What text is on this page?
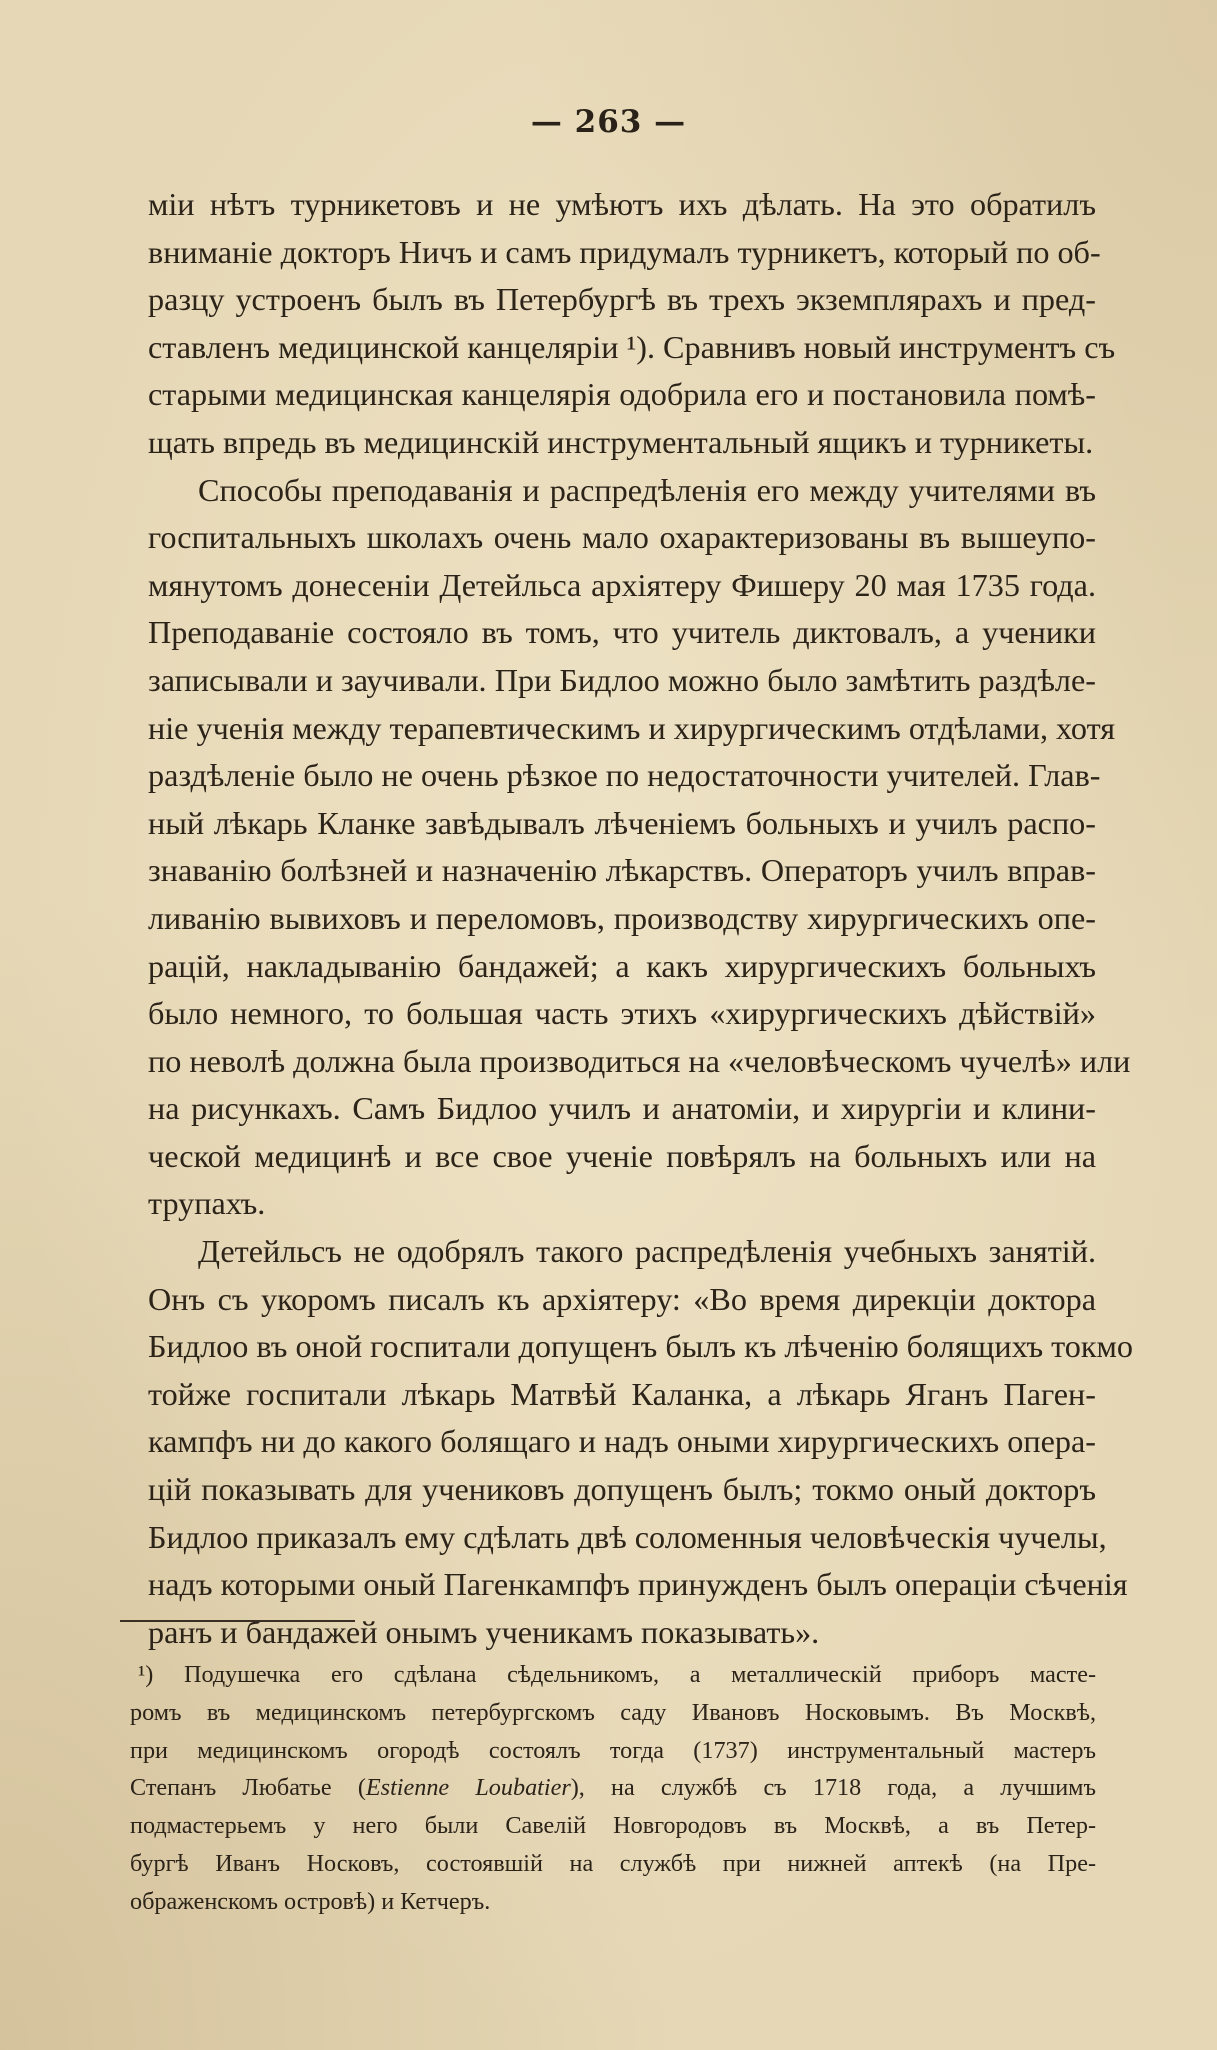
— 263 —
міи нѣтъ турникетовъ и не умѣютъ ихъ дѣлать. На это обратилъ
вниманіе докторъ Ничъ и самъ придумалъ турникетъ, который по об-
разцу устроенъ былъ въ Петербургѣ въ трехъ экземплярахъ и пред-
ставленъ медицинской канцеляріи ¹). Сравнивъ новый инструментъ съ
старыми медицинская канцелярія одобрила его и постановила помѣ-
щать впредь въ медицинскій инструментальный ящикъ и турникеты.
Способы преподаванія и распредѣленія его между учителями въ
госпитальныхъ школахъ очень мало охарактеризованы въ вышеупо-
мянутомъ донесеніи Детейльса архіятеру Фишеру 20 мая 1735 года.
Преподаваніе состояло въ томъ, что учитель диктовалъ, а ученики
записывали и заучивали. При Бидлоо можно было замѣтить раздѣле-
ніе ученія между терапевтическимъ и хирургическимъ отдѣлами, хотя
раздѣленіе было не очень рѣзкое по недостаточности учителей. Глав-
ный лѣкарь Кланке завѣдывалъ лѣченіемъ больныхъ и училъ распо-
знаванію болѣзней и назначенію лѣкарствъ. Операторъ училъ вправ-
ливанію вывиховъ и переломовъ, производству хирургическихъ опе-
рацій, накладыванію бандажей; а какъ хирургическихъ больныхъ
было немного, то большая часть этихъ «хирургическихъ дѣйствій»
по неволѣ должна была производиться на «человѣческомъ чучелѣ» или
на рисункахъ. Самъ Бидлоо училъ и анатоміи, и хирургіи и клини-
ческой медицинѣ и все свое ученіе повѣрялъ на больныхъ или на
трупахъ.
Детейльсъ не одобрялъ такого распредѣленія учебныхъ занятій.
Онъ съ укоромъ писалъ къ архіятеру: «Во время дирекціи доктора
Бидлоо въ оной госпитали допущенъ былъ къ лѣченію болящихъ токмо
тойже госпитали лѣкарь Матвѣй Каланка, а лѣкарь Яганъ Паген-
кампфъ ни до какого болящаго и надъ оными хирургическихъ опера-
цій показывать для учениковъ допущенъ былъ; токмо оный докторъ
Бидлоо приказалъ ему сдѣлать двѣ соломенныя человѣческія чучелы,
надъ которыми оный Пагенкампфъ принужденъ былъ операціи сѣченія
ранъ и бандажей онымъ ученикамъ показывать».
¹) Подушечка его сдѣлана сѣдельникомъ, а металлическій приборъ масте-
ромъ въ медицинскомъ петербургскомъ саду Ивановъ Носковымъ. Въ Москвѣ,
при медицинскомъ огородѣ состоялъ тогда (1737) инструментальный мастеръ
Степанъ Любатье (Estienne Loubatier), на службѣ съ 1718 года, а лучшимъ
подмастерьемъ у него были Савелій Новгородовъ въ Москвѣ, а въ Петер-
бургѣ Иванъ Носковъ, состоявшій на службѣ при нижней аптекѣ (на Пре-
ображенскомъ островѣ) и Кетчеръ.
